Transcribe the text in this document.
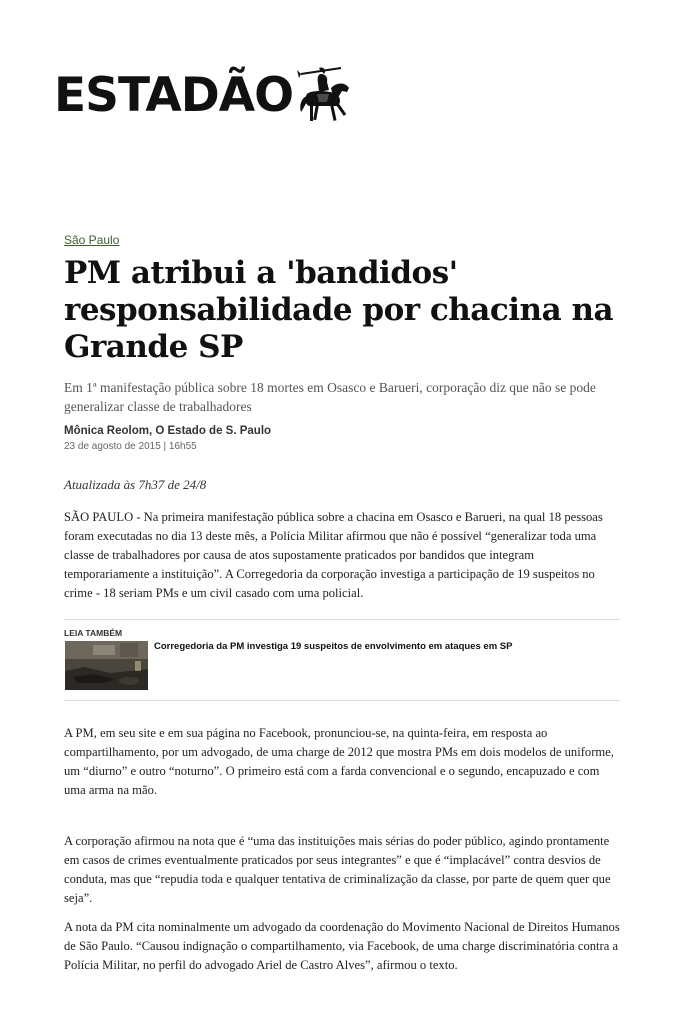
ESTADÃO
São Paulo
PM atribui a 'bandidos' responsabilidade por chacina na Grande SP

Em 1ª manifestação pública sobre 18 mortes em Osasco e Barueri, corporação diz que não se pode generalizar classe de trabalhadores

Mônica Reolom, O Estado de S. Paulo
23 de agosto de 2015 | 16h55
Atualizada às 7h37 de 24/8

SÃO PAULO - Na primeira manifestação pública sobre a chacina em Osasco e Barueri, na qual 18 pessoas foram executadas no dia 13 deste mês, a Polícia Militar afirmou que não é possível “generalizar toda uma classe de trabalhadores por causa de atos supostamente praticados por bandidos que integram temporariamente a instituição”. A Corregedoria da corporação investiga a participação de 19 suspeitos no crime - 18 seriam PMs e um civil casado com uma policial.

LEIA TAMBÉM
Corregedoria da PM investiga 19 suspeitos de envolvimento em ataques em SP

A PM, em seu site e em sua página no Facebook, pronunciou-se, na quinta-feira, em resposta ao compartilhamento, por um advogado, de uma charge de 2012 que mostra PMs em dois modelos de uniforme, um “diurno” e outro “noturno”. O primeiro está com a farda convencional e o segundo, encapuzado e com uma arma na mão.

A corporação afirmou na nota que é “uma das instituições mais sérias do poder público, agindo prontamente em casos de crimes eventualmente praticados por seus integrantes” e que é “implacável” contra desvios de conduta, mas que “repudia toda e qualquer tentativa de criminalização da classe, por parte de quem quer que seja”.

A nota da PM cita nominalmente um advogado da coordenação do Movimento Nacional de Direitos Humanos de São Paulo. “Causou indignação o compartilhamento, via Facebook, de uma charge discriminatória contra a Polícia Militar, no perfil do advogado Ariel de Castro Alves”, afirmou o texto.
